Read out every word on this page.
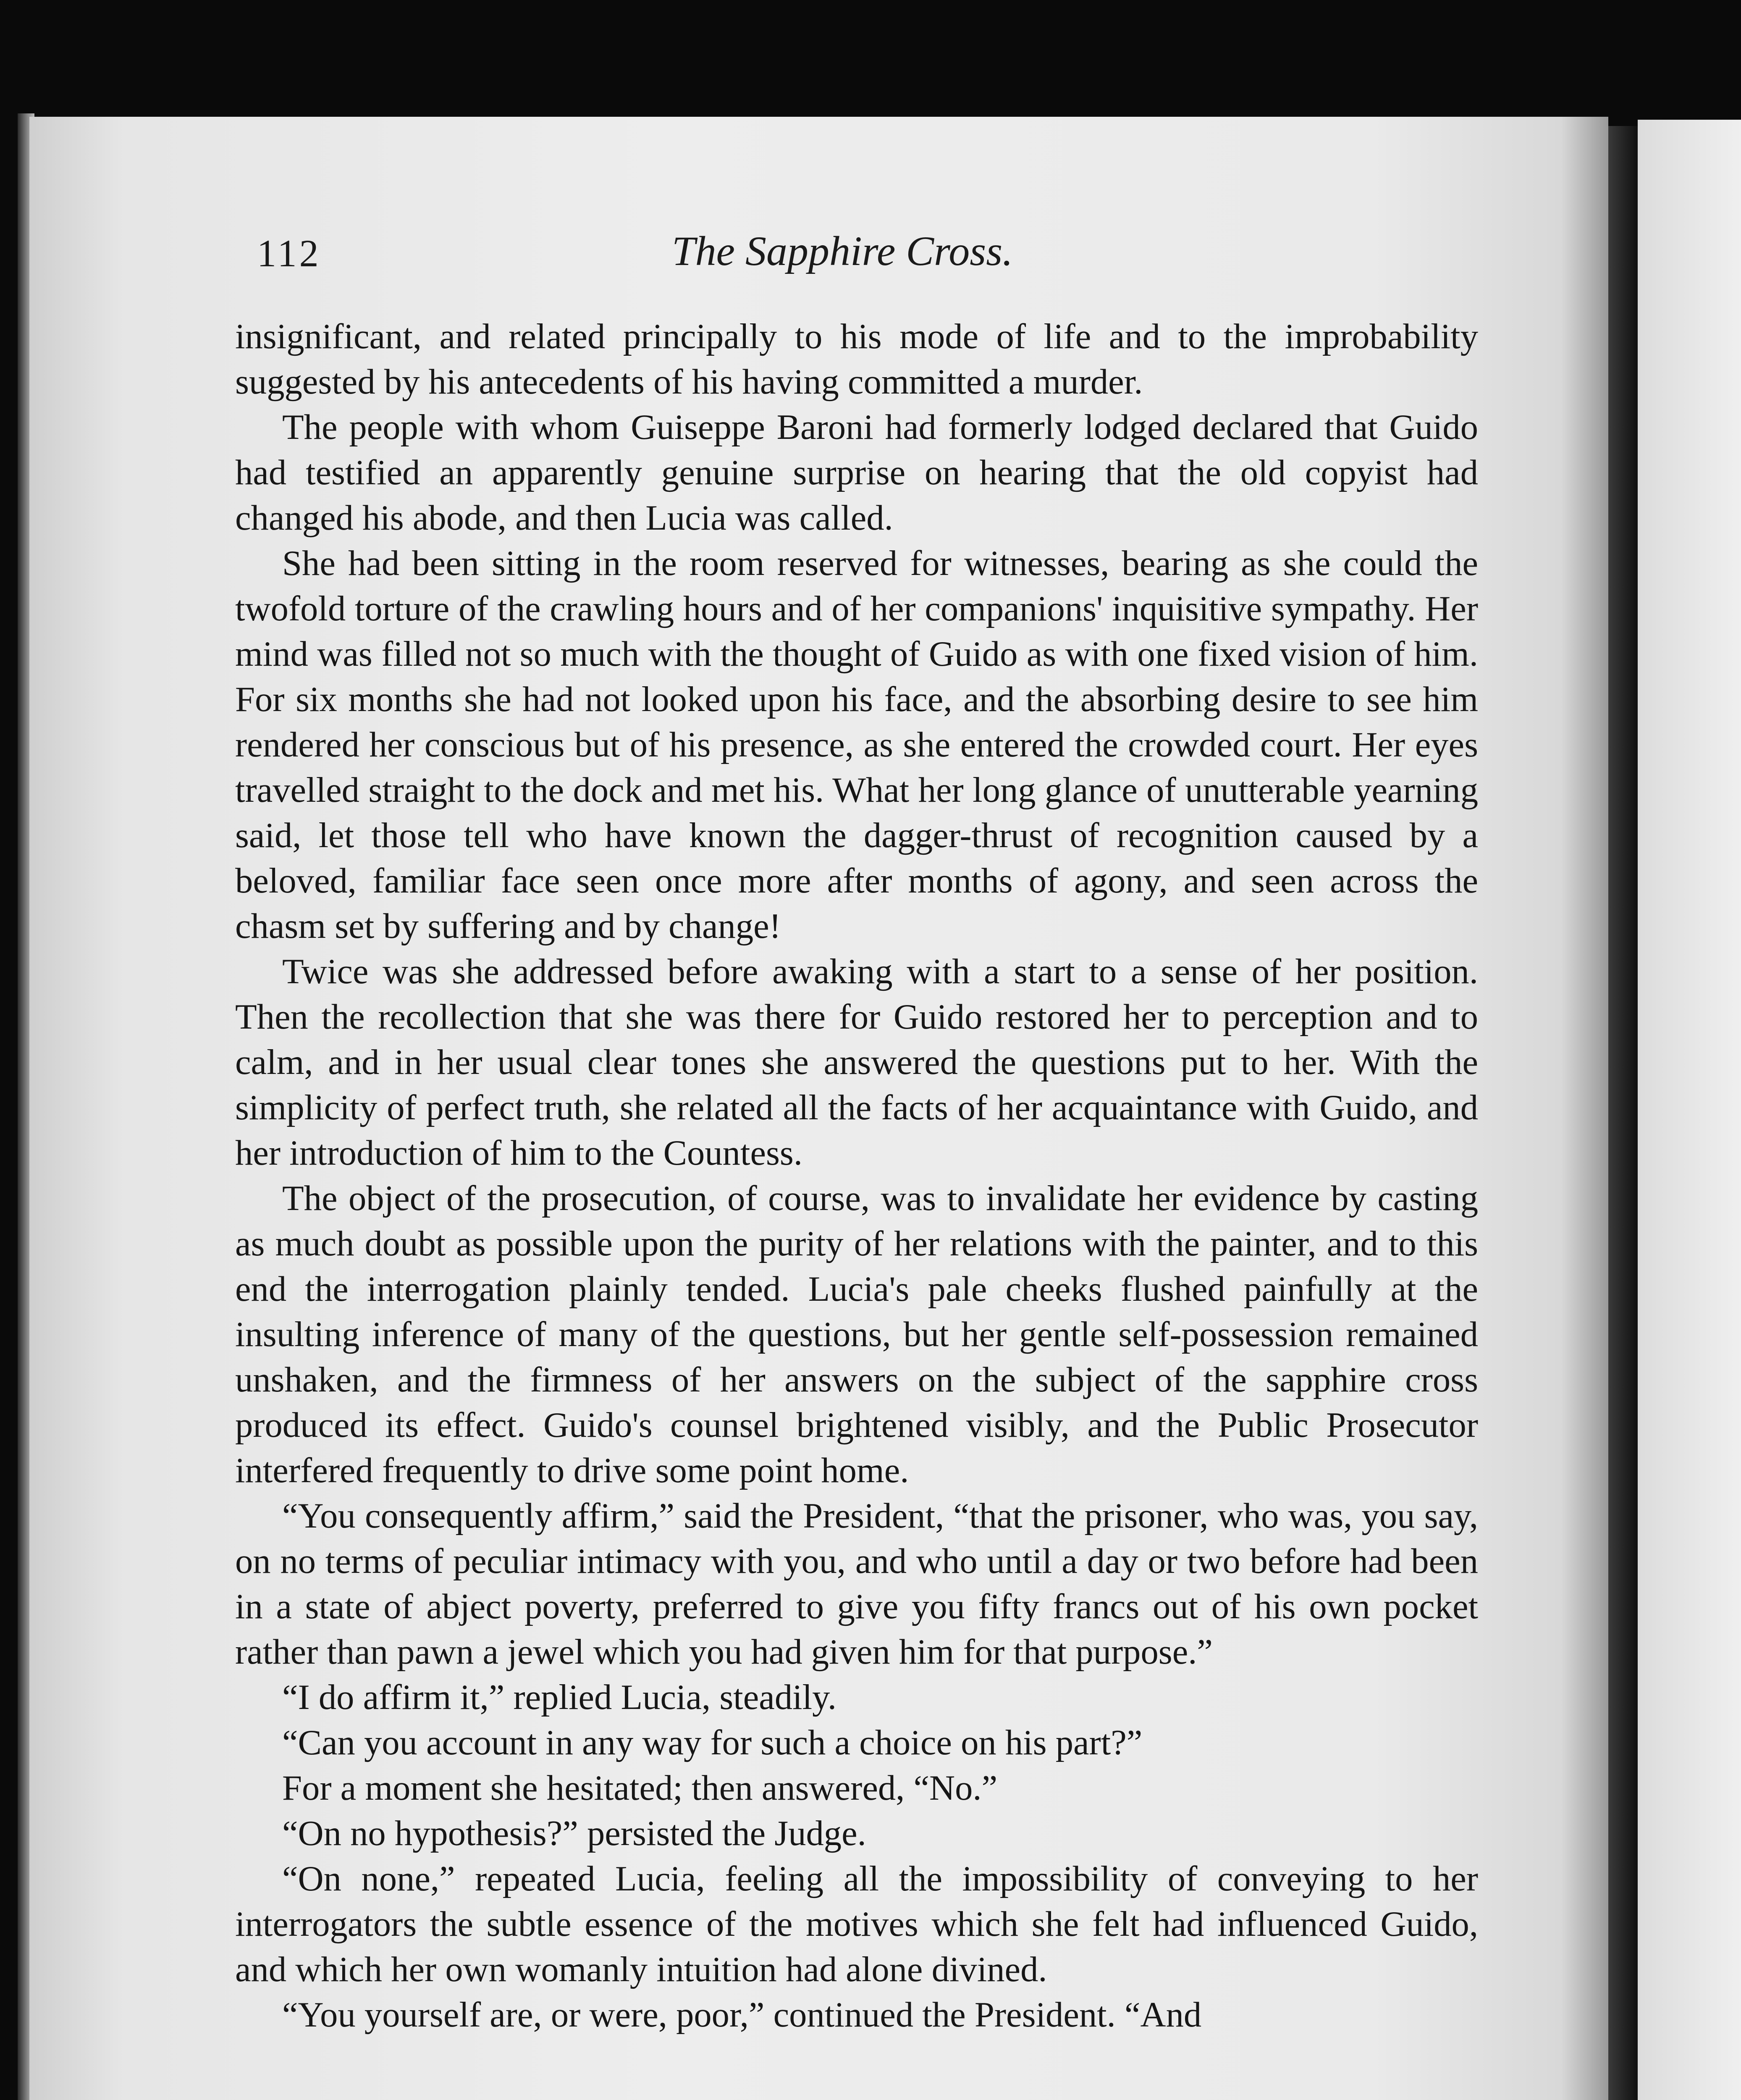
112	The Sapphire Cross.

insignificant, and related principally to his mode of life and to the improbability suggested by his antecedents of his having committed a murder.

The people with whom Guiseppe Baroni had formerly lodged declared that Guido had testified an apparently genuine surprise on hearing that the old copyist had changed his abode, and then Lucia was called.

She had been sitting in the room reserved for witnesses, bearing as she could the twofold torture of the crawling hours and of her companions' inquisitive sympathy. Her mind was filled not so much with the thought of Guido as with one fixed vision of him. For six months she had not looked upon his face, and the absorbing desire to see him rendered her conscious but of his presence, as she entered the crowded court. Her eyes travelled straight to the dock and met his. What her long glance of unutterable yearning said, let those tell who have known the dagger-thrust of recognition caused by a beloved, familiar face seen once more after months of agony, and seen across the chasm set by suffering and by change!

Twice was she addressed before awaking with a start to a sense of her position. Then the recollection that she was there for Guido restored her to perception and to calm, and in her usual clear tones she answered the questions put to her. With the simplicity of perfect truth, she related all the facts of her acquaintance with Guido, and her introduction of him to the Countess.

The object of the prosecution, of course, was to invalidate her evidence by casting as much doubt as possible upon the purity of her relations with the painter, and to this end the interrogation plainly tended. Lucia's pale cheeks flushed painfully at the insulting inference of many of the questions, but her gentle self-possession remained unshaken, and the firmness of her answers on the subject of the sapphire cross produced its effect. Guido's counsel brightened visibly, and the Public Prosecutor interfered frequently to drive some point home.

“You consequently affirm,” said the President, “that the prisoner, who was, you say, on no terms of peculiar intimacy with you, and who until a day or two before had been in a state of abject poverty, preferred to give you fifty francs out of his own pocket rather than pawn a jewel which you had given him for that purpose.”

“I do affirm it,” replied Lucia, steadily.

“Can you account in any way for such a choice on his part?”

For a moment she hesitated; then answered, “No.”

“On no hypothesis?” persisted the Judge.

“On none,” repeated Lucia, feeling all the impossibility of conveying to her interrogators the subtle essence of the motives which she felt had influenced Guido, and which her own womanly intuition had alone divined.

“You yourself are, or were, poor,” continued the President. “And
